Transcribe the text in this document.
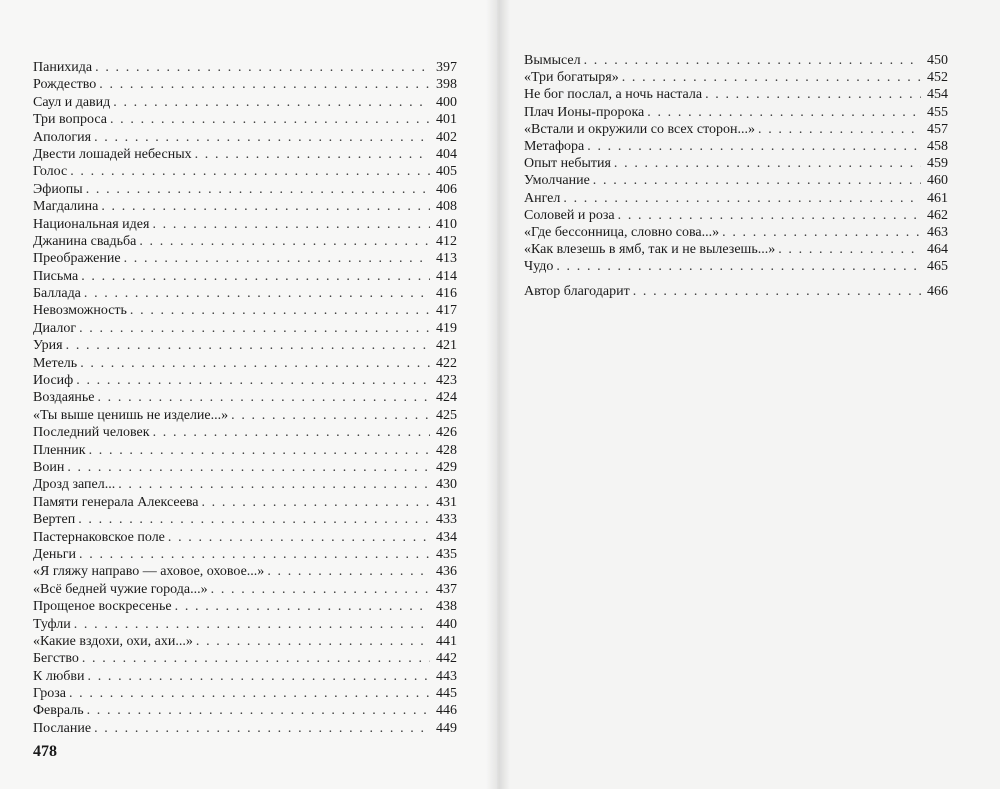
Панихида . . .	397
Рождество . . .	398
Саул и давид . . .	400
Три вопроса . . .	401
Апология . . .	402
Двести лошадей небесных . . .	404
Голос . . .	405
Эфиопы . . .	406
Магдалина . . .	408
Национальная идея . . .	410
Джанина свадьба . . .	412
Преображение . . .	413
Письма . . .	414
Баллада . . .	416
Невозможность . . .	417
Диалог . . .	419
Урия . . .	421
Метель . . .	422
Иосиф . . .	423
Воздаянье . . .	424
«Ты выше ценишь не изделие...» . . .	425
Последний человек . . .	426
Пленник . . .	428
Воин . . .	429
Дрозд запел... . . .	430
Памяти генерала Алексеева . . .	431
Вертеп . . .	433
Пастернаковское поле . . .	434
Деньги . . .	435
«Я гляжу направо — аховое, оховое...» . . .	436
«Всё бедней чужие города...» . . .	437
Прощеное воскресенье . . .	438
Туфли . . .	440
«Какие вздохи, охи, ахи...» . . .	441
Бегство . . .	442
К любви . . .	443
Гроза . . .	445
Февраль . . .	446
Послание . . .	449
Вымысел . . .	450
«Три богатыря» . . .	452
Не бог послал, а ночь настала . . .	454
Плач Ионы-пророка . . .	455
«Встали и окружили со всех сторон...» . . .	457
Метафора . . .	458
Опыт небытия . . .	459
Умолчание . . .	460
Ангел . . .	461
Соловей и роза . . .	462
«Где бессонница, словно сова...» . . .	463
«Как влезешь в ямб, так и не вылезешь...» . . .	464
Чудо . . .	465
Автор благодарит . . .	466
478
